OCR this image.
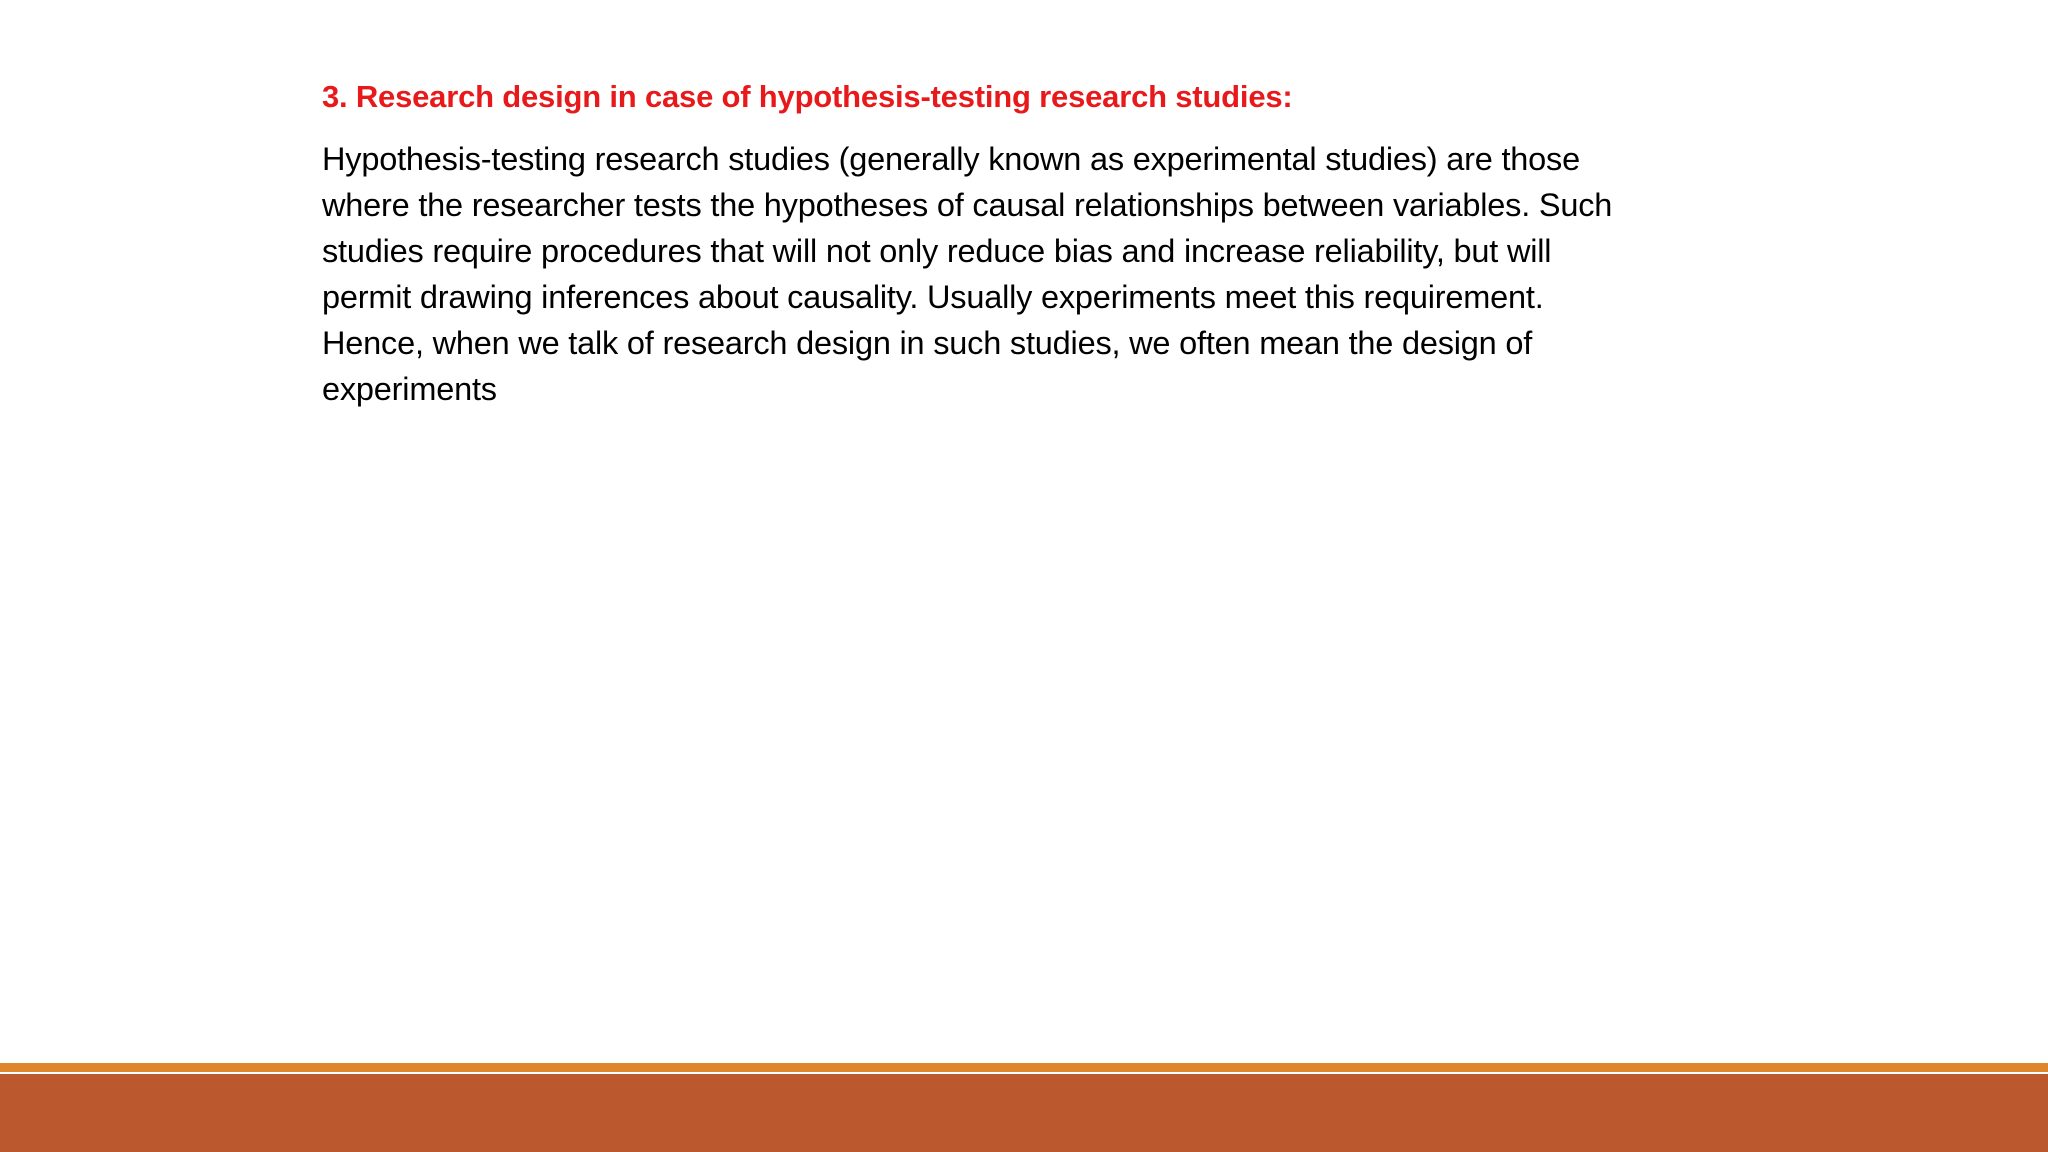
3. Research design in case of hypothesis-testing research studies:

Hypothesis-testing research studies (generally known as experimental studies) are those
where the researcher tests the hypotheses of causal relationships between variables. Such
studies require procedures that will not only reduce bias and increase reliability, but will
permit drawing inferences about causality. Usually experiments meet this requirement.
Hence, when we talk of research design in such studies, we often mean the design of
experiments
